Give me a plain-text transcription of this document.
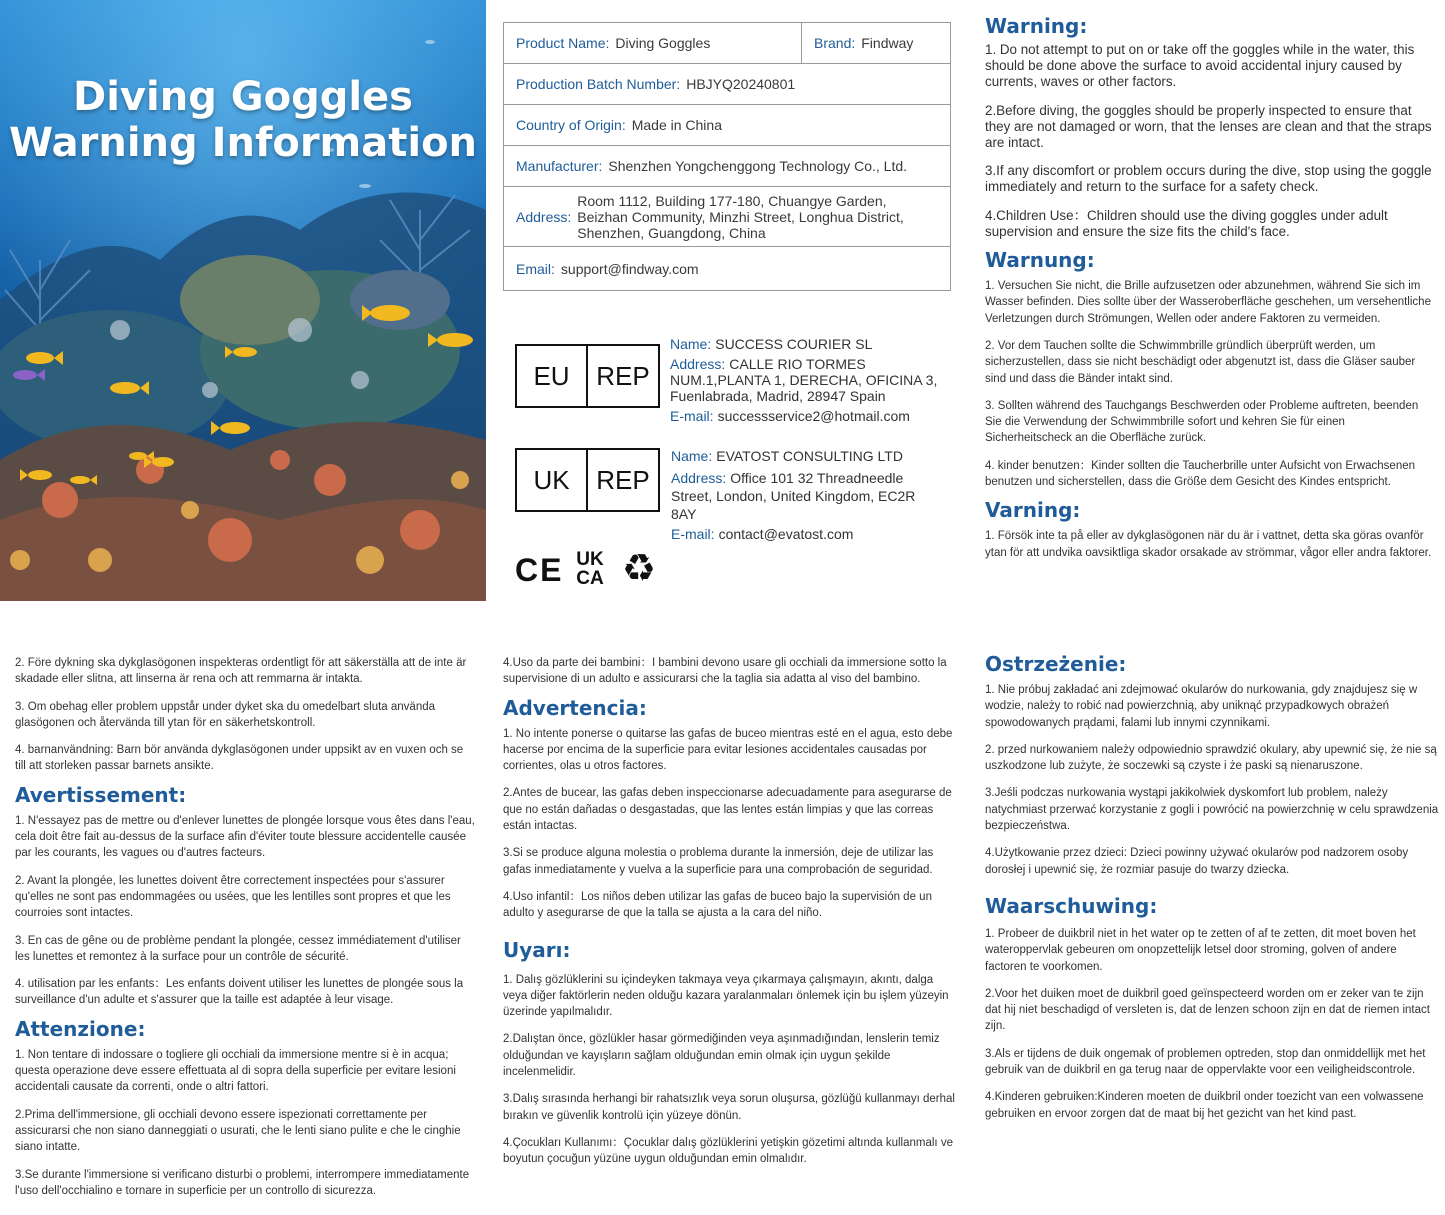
Diving Goggles
Warning Information
Product Name: Diving Goggles	Brand: Findway
Production Batch Number: HBJYQ20240801
Country of Origin: Made in China
Manufacturer: Shenzhen Yongchenggong Technology Co., Ltd.
Address:
Room 1112, Building 177-180, Chuangye Garden, Beizhan Community, Minzhi Street, Longhua District, Shenzhen, Guangdong, China
Email: support@findway.com
EU	REP
Name: SUCCESS COURIER SL
Address: CALLE RIO TORMES NUM.1,PLANTA 1, DERECHA, OFICINA 3, Fuenlabrada, Madrid, 28947 Spain
E-mail: successservice2@hotmail.com
UK	REP
Name: EVATOST CONSULTING LTD
Address: Office 101 32 Threadneedle Street, London, United Kingdom, EC2R 8AY
E-mail: contact@evatost.com
CE UK
CA ♻
Warning:

1. Do not attempt to put on or take off the goggles while in the water, this should be done above the surface to avoid accidental injury caused by currents, waves or other factors.

2.Before diving, the goggles should be properly inspected to ensure that they are not damaged or worn, that the lenses are clean and that the straps are intact.

3.If any discomfort or problem occurs during the dive, stop using the goggle immediately and return to the surface for a safety check.

4.Children Use：Children should use the diving goggles under adult supervision and ensure the size fits the child's face.

Warnung:

1. Versuchen Sie nicht, die Brille aufzusetzen oder abzunehmen, während Sie sich im Wasser befinden. Dies sollte über der Wasseroberfläche geschehen, um versehentliche Verletzungen durch Strömungen, Wellen oder andere Faktoren zu vermeiden.

2. Vor dem Tauchen sollte die Schwimmbrille gründlich überprüft werden, um sicherzustellen, dass sie nicht beschädigt oder abgenutzt ist, dass die Gläser sauber sind und dass die Bänder intakt sind.

3. Sollten während des Tauchgangs Beschwerden oder Probleme auftreten, beenden Sie die Verwendung der Schwimmbrille sofort und kehren Sie für einen Sicherheitscheck an die Oberfläche zurück.

4. kinder benutzen：Kinder sollten die Taucherbrille unter Aufsicht von Erwachsenen benutzen und sicherstellen, dass die Größe dem Gesicht des Kindes entspricht.

Varning:

1. Försök inte ta på eller av dykglasögonen när du är i vattnet, detta ska göras ovanför ytan för att undvika oavsiktliga skador orsakade av strömmar, vågor eller andra faktorer.

2. Före dykning ska dykglasögonen inspekteras ordentligt för att säkerställa att de inte är skadade eller slitna, att linserna är rena och att remmarna är intakta.

3. Om obehag eller problem uppstår under dyket ska du omedelbart sluta använda glasögonen och återvända till ytan för en säkerhetskontroll.

4. barnanvändning: Barn bör använda dykglasögonen under uppsikt av en vuxen och se till att storleken passar barnets ansikte.

Avertissement:

1. N'essayez pas de mettre ou d'enlever lunettes de plongée lorsque vous êtes dans l'eau, cela doit être fait au-dessus de la surface afin d'éviter toute blessure accidentelle causée par les courants, les vagues ou d'autres facteurs.

2. Avant la plongée, les lunettes doivent être correctement inspectées pour s'assurer qu'elles ne sont pas endommagées ou usées, que les lentilles sont propres et que les courroies sont intactes.

3. En cas de gêne ou de problème pendant la plongée, cessez immédiatement d'utiliser les lunettes et remontez à la surface pour un contrôle de sécurité.

4. utilisation par les enfants：Les enfants doivent utiliser les lunettes de plongée sous la surveillance d'un adulte et s'assurer que la taille est adaptée à leur visage.

Attenzione:

1. Non tentare di indossare o togliere gli occhiali da immersione mentre si è in acqua; questa operazione deve essere effettuata al di sopra della superficie per evitare lesioni accidentali causate da correnti, onde o altri fattori.

2.Prima dell'immersione, gli occhiali devono essere ispezionati correttamente per assicurarsi che non siano danneggiati o usurati, che le lenti siano pulite e che le cinghie siano intatte.

3.Se durante l'immersione si verificano disturbi o problemi, interrompere immediatamente l'uso dell'occhialino e tornare in superficie per un controllo di sicurezza.

4.Uso da parte dei bambini：I bambini devono usare gli occhiali da immersione sotto la supervisione di un adulto e assicurarsi che la taglia sia adatta al viso del bambino.

Advertencia:

1. No intente ponerse o quitarse las gafas de buceo mientras esté en el agua, esto debe hacerse por encima de la superficie para evitar lesiones accidentales causadas por corrientes, olas u otros factores.

2.Antes de bucear, las gafas deben inspeccionarse adecuadamente para asegurarse de que no están dañadas o desgastadas, que las lentes están limpias y que las correas están intactas.

3.Si se produce alguna molestia o problema durante la inmersión, deje de utilizar las gafas inmediatamente y vuelva a la superficie para una comprobación de seguridad.

4.Uso infantil：Los niños deben utilizar las gafas de buceo bajo la supervisión de un adulto y asegurarse de que la talla se ajusta a la cara del niño.

Uyarı:

1. Dalış gözlüklerini su içindeyken takmaya veya çıkarmaya çalışmayın, akıntı, dalga veya diğer faktörlerin neden olduğu kazara yaralanmaları önlemek için bu işlem yüzeyin üzerinde yapılmalıdır.

2.Dalıştan önce, gözlükler hasar görmediğinden veya aşınmadığından, lenslerin temiz olduğundan ve kayışların sağlam olduğundan emin olmak için uygun şekilde incelenmelidir.

3.Dalış sırasında herhangi bir rahatsızlık veya sorun oluşursa, gözlüğü kullanmayı derhal bırakın ve güvenlik kontrolü için yüzeye dönün.

4.Çocukları Kullanımı：Çocuklar dalış gözlüklerini yetişkin gözetimi altında kullanmalı ve boyutun çocuğun yüzüne uygun olduğundan emin olmalıdır.

Ostrzeżenie:

1. Nie próbuj zakładać ani zdejmować okularów do nurkowania, gdy znajdujesz się w wodzie, należy to robić nad powierzchnią, aby uniknąć przypadkowych obrażeń spowodowanych prądami, falami lub innymi czynnikami.

2. przed nurkowaniem należy odpowiednio sprawdzić okulary, aby upewnić się, że nie są uszkodzone lub zużyte, że soczewki są czyste i że paski są nienaruszone.

3.Jeśli podczas nurkowania wystąpi jakikolwiek dyskomfort lub problem, należy natychmiast przerwać korzystanie z gogli i powrócić na powierzchnię w celu sprawdzenia bezpieczeństwa.

4.Użytkowanie przez dzieci: Dzieci powinny używać okularów pod nadzorem osoby dorosłej i upewnić się, że rozmiar pasuje do twarzy dziecka.

Waarschuwing:

1. Probeer de duikbril niet in het water op te zetten of af te zetten, dit moet boven het wateroppervlak gebeuren om onopzettelijk letsel door stroming, golven of andere factoren te voorkomen.

2.Voor het duiken moet de duikbril goed geïnspecteerd worden om er zeker van te zijn dat hij niet beschadigd of versleten is, dat de lenzen schoon zijn en dat de riemen intact zijn.

3.Als er tijdens de duik ongemak of problemen optreden, stop dan onmiddellijk met het gebruik van de duikbril en ga terug naar de oppervlakte voor een veiligheidscontrole.

4.Kinderen gebruiken:Kinderen moeten de duikbril onder toezicht van een volwassene gebruiken en ervoor zorgen dat de maat bij het gezicht van het kind past.
